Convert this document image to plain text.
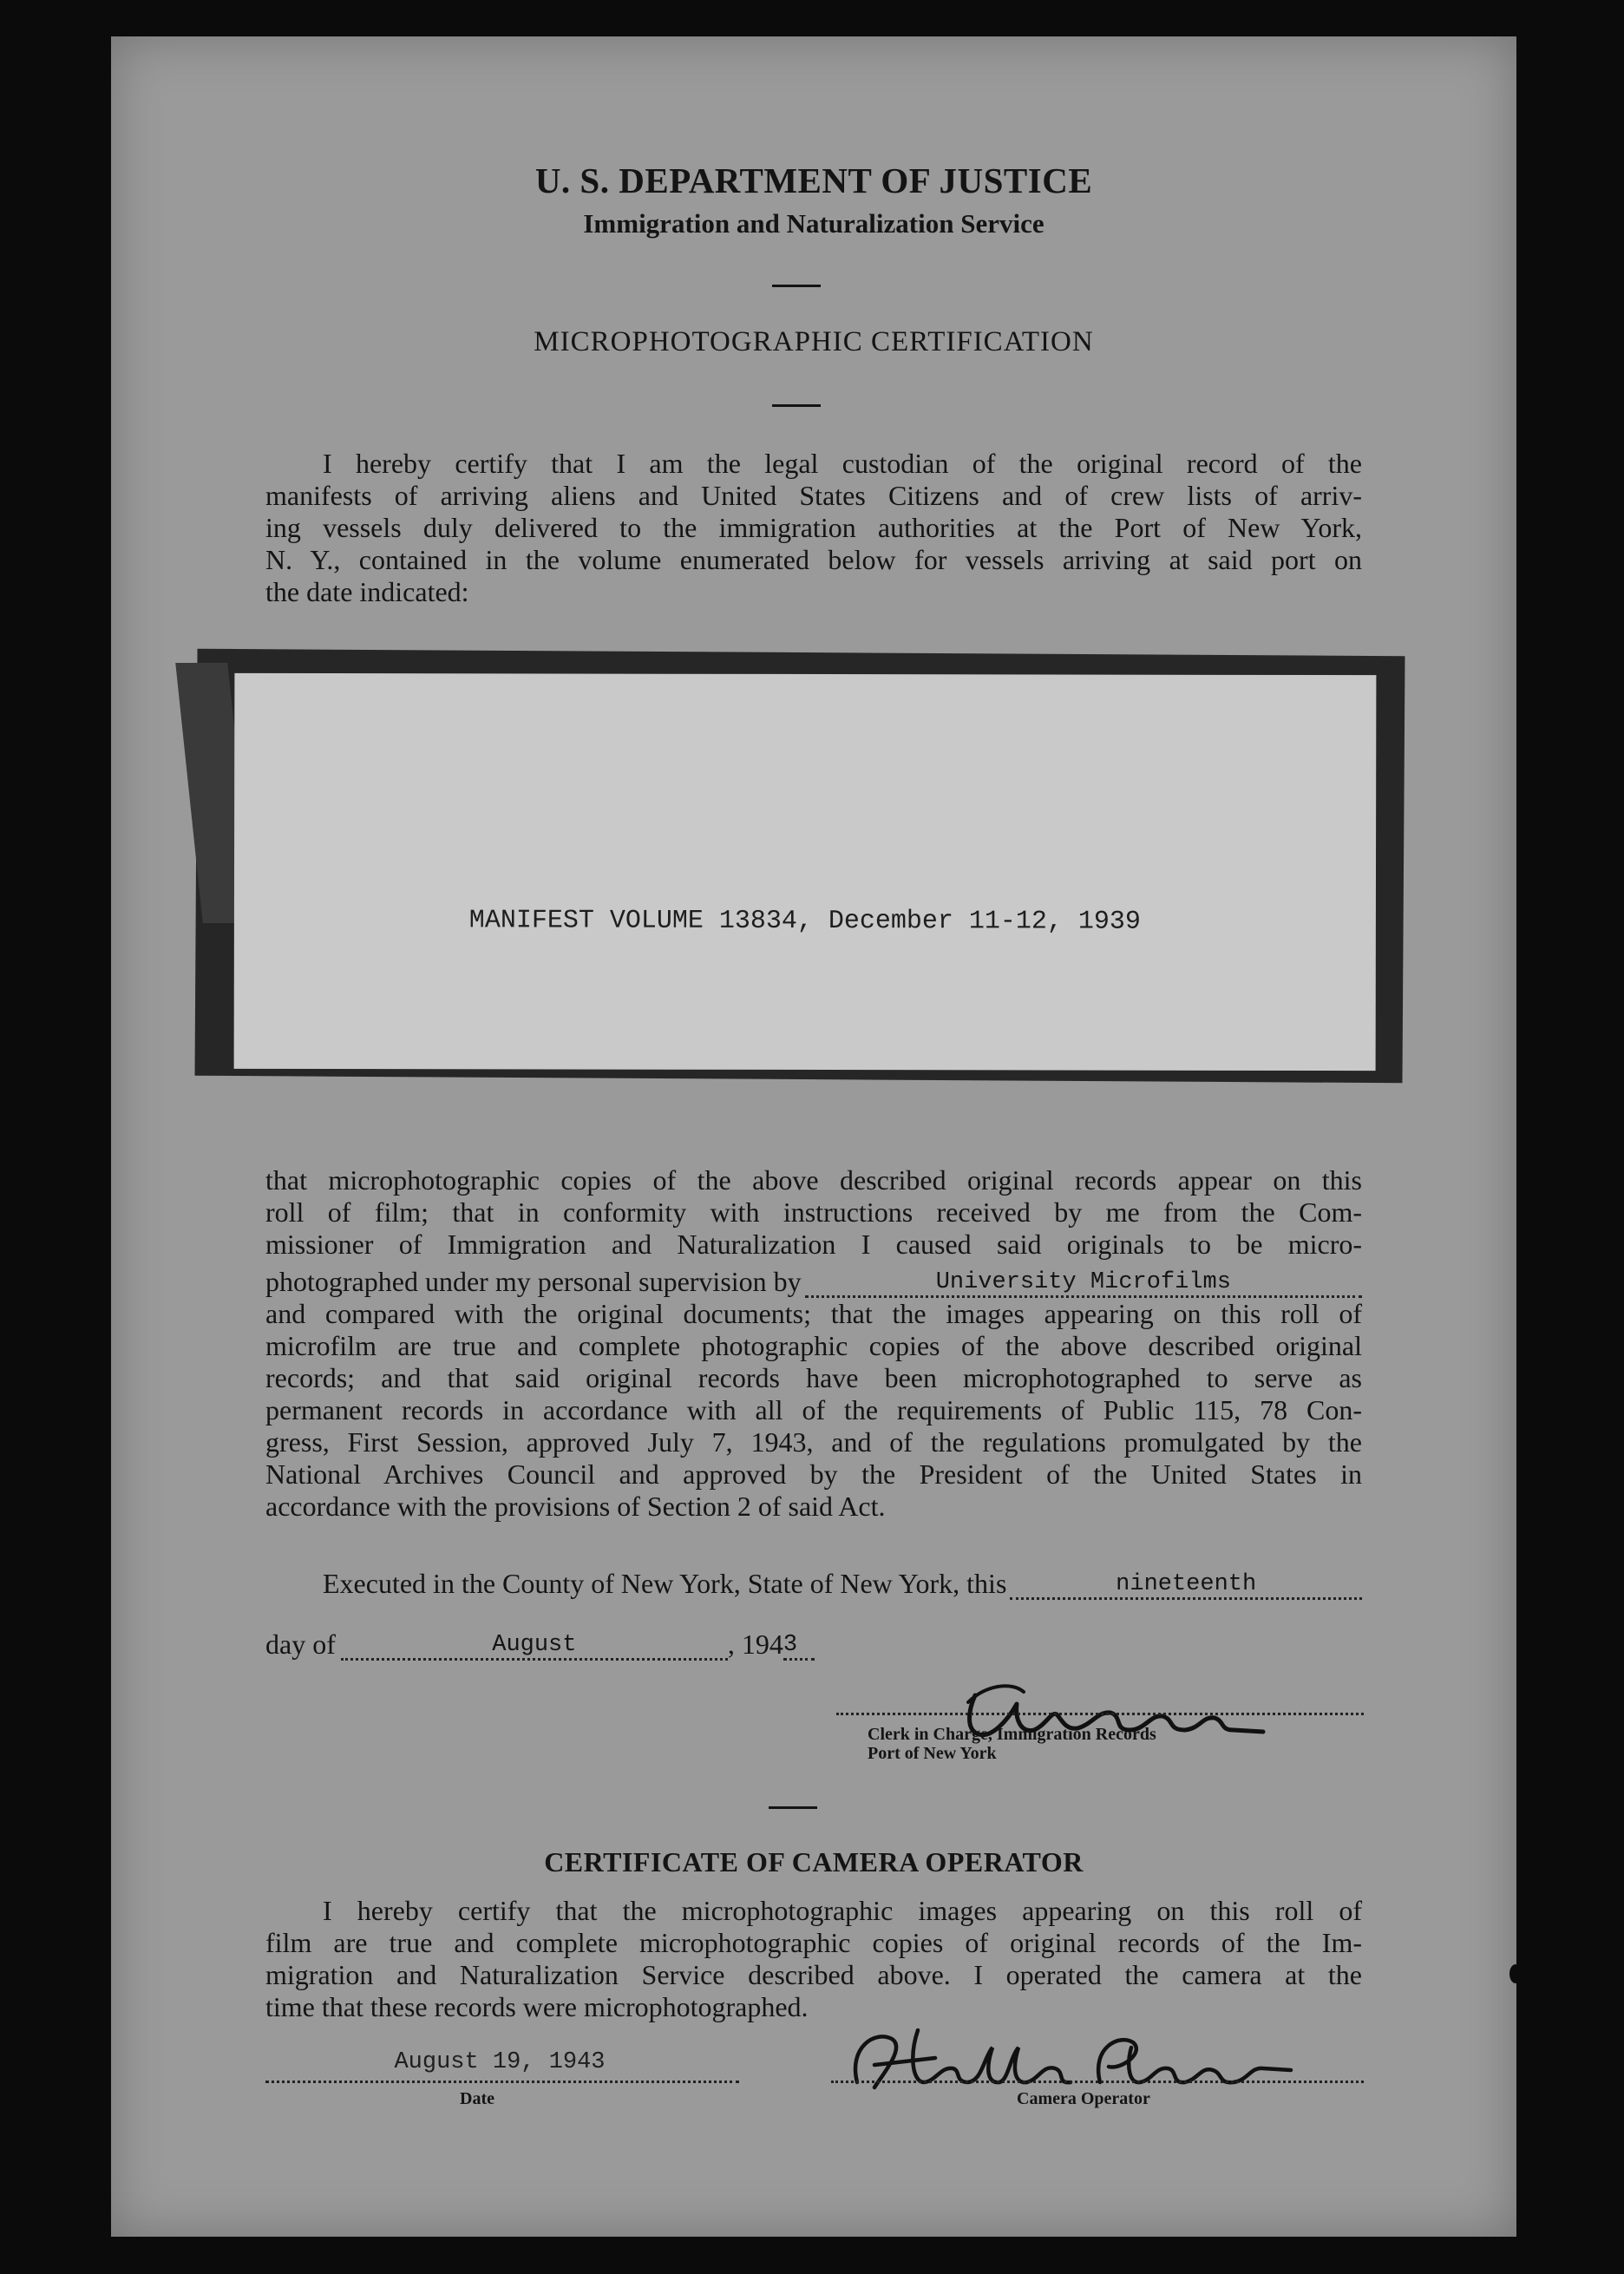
U. S. DEPARTMENT OF JUSTICE
Immigration and Naturalization Service
MICROPHOTOGRAPHIC CERTIFICATION
I hereby certify that I am the legal custodian of the original record of the
manifests of arriving aliens and United States Citizens and of crew lists of arriv-
ing vessels duly delivered to the immigration authorities at the Port of New York,
N. Y., contained in the volume enumerated below for vessels arriving at said port on
the date indicated:
MANIFEST VOLUME 13834, December 11-12, 1939
that microphotographic copies of the above described original records appear on this
roll of film; that in conformity with instructions received by me from the Com-
missioner of Immigration and Naturalization I caused said originals to be micro-
photographed under my personal supervision by	University Microfilms
and compared with the original documents; that the images appearing on this roll of
microfilm are true and complete photographic copies of the above described original
records; and that said original records have been microphotographed to serve as
permanent records in accordance with all of the requirements of Public 115, 78 Con-
gress, First Session, approved July 7, 1943, and of the regulations promulgated by the
National Archives Council and approved by the President of the United States in
accordance with the provisions of Section 2 of said Act.
Executed in the County of New York, State of New York, this	nineteenth
day of	August	, 194 3
Clerk in Charge, Immigration Records
Port of New York
CERTIFICATE OF CAMERA OPERATOR
I hereby certify that the microphotographic images appearing on this roll of
film are true and complete microphotographic copies of original records of the Im-
migration and Naturalization Service described above. I operated the camera at the
time that these records were microphotographed.
August 19, 1943
Date	Camera Operator
